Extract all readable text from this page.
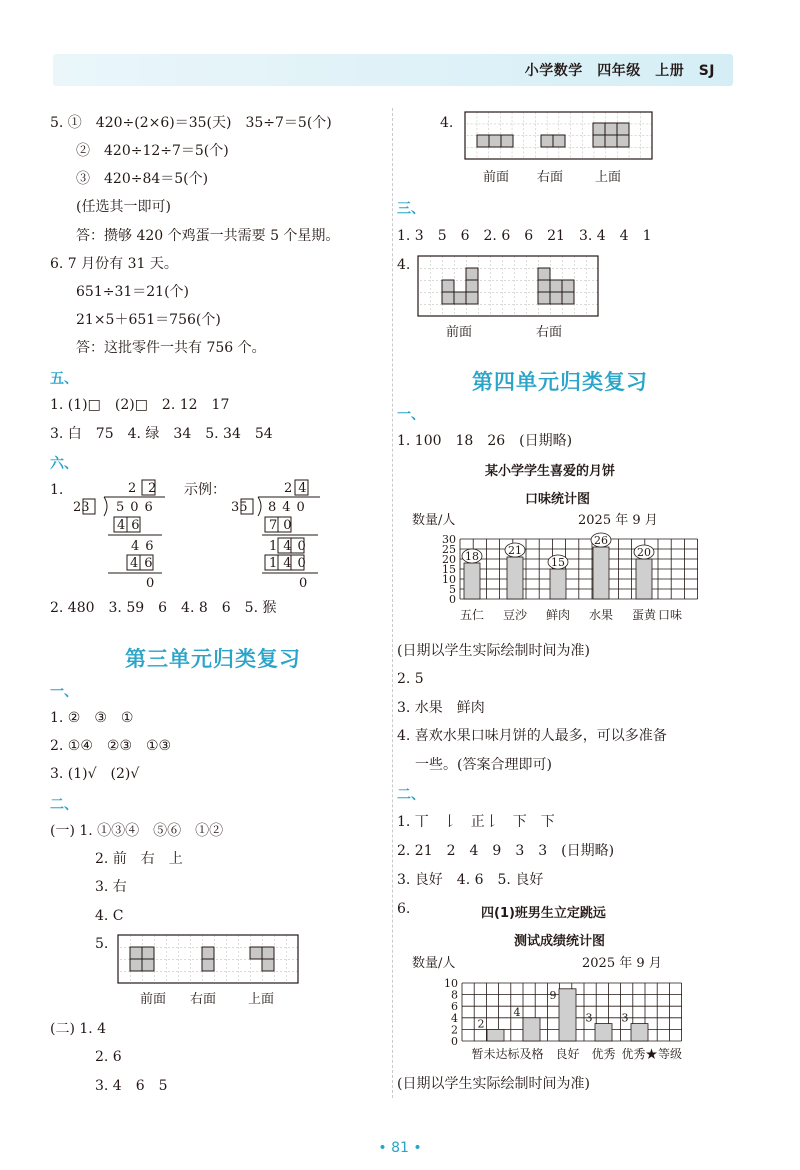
小学数学　四年级　上册　SJ
5. ①　420÷(2×6)＝35(天)　35÷7＝5(个)
②　420÷12÷7＝5(个)
③　420÷84＝5(个)
(任选其一即可)
答：攒够 420 个鸡蛋一共需要 5 个星期。
6. 7 月份有 31 天。
651÷31＝21(个)
21×5＋651＝756(个)
答：这批零件一共有 756 个。
五、
1. (1)□　(2)□　2. 12　17
3. 白　75　4. 绿　34　5. 34　54
六、
1.	示例：
2 2
23 506
46
46
46
0
24
35 840
70
140
140
0
2. 480　3. 59　6　4. 8　6　5. 猴
第三单元归类复习
一、
1. ②　③　①
2. ①④　②③　①③
3. (1)√　(2)√
二、
(一) 1. ①③④　⑤⑥　①②
2. 前　右　上
3. 右
4. C
5.
前面 右面 上面
(二) 1. 4
2. 6
3. 4　6　5
4.
前面 右面 上面
三、
1. 3　5　6　2. 6　6　21　3. 4　4　1
4.
前面	右面
第四单元归类复习
一、
1. 100　18　26　(日期略)
某小学学生喜爱的月饼
口味统计图
数量/人	2025 年 9 月
0
5
10
15
20
25
30
18
五仁
21
豆沙
15
鲜肉
26
水果
20
蛋黄 口味
(日期以学生实际绘制时间为准)
2. 5
3. 水果　鲜肉
4. 喜欢水果口味月饼的人最多，可以多准备
一些。(答案合理即可)
二、
1. 丅　𠄌　正𠄌　下　下
2. 21　2　4　9　3　3　(日期略)
3. 良好　4. 6　5. 良好
6.	四(1)班男生立定跳远
测试成绩统计图
数量/人	2025 年 9 月
0
2
4
6
8
10
2
暂未达标
4
及格
9
良好
3
优秀
3
优秀★ 等级
(日期以学生实际绘制时间为准)
• 81 •
